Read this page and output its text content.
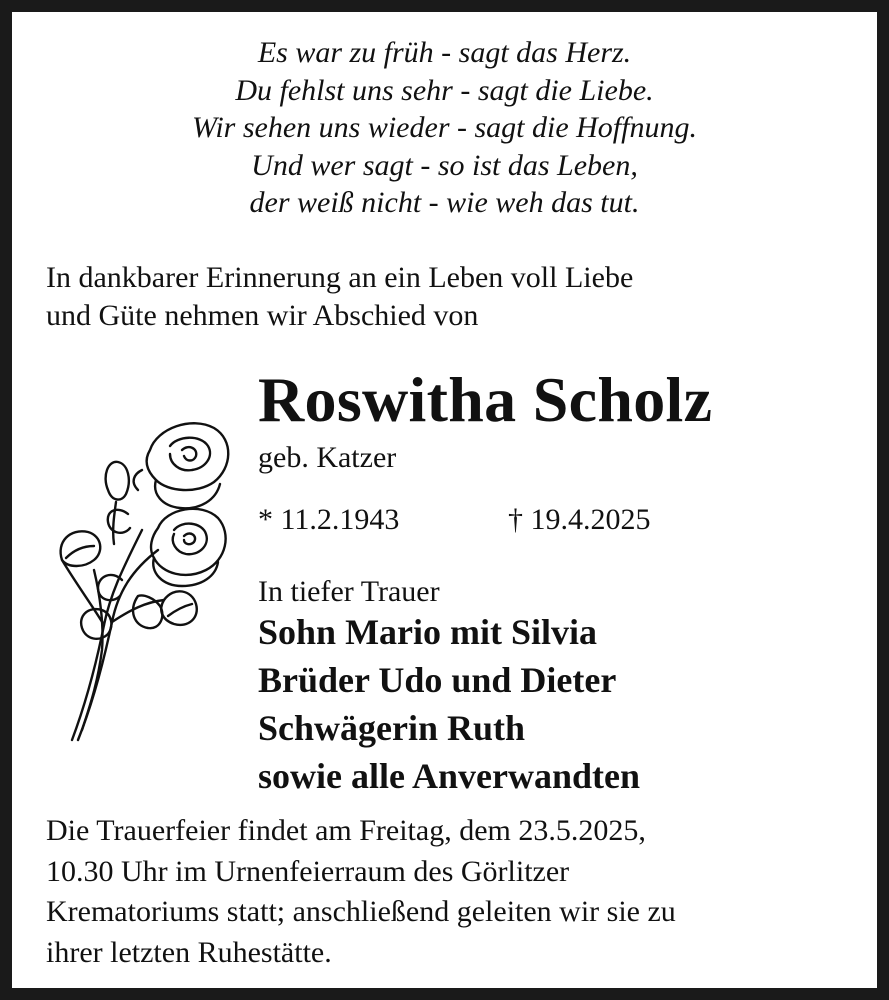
Es war zu früh - sagt das Herz.
Du fehlst uns sehr - sagt die Liebe.
Wir sehen uns wieder - sagt die Hoffnung.
Und wer sagt - so ist das Leben,
der weiß nicht - wie weh das tut.
In dankbarer Erinnerung an ein Leben voll Liebe
und Güte nehmen wir Abschied von
Roswitha Scholz
geb. Katzer
* 11.2.1943	† 19.4.2025
In tiefer Trauer
Sohn Mario mit Silvia
Brüder Udo und Dieter
Schwägerin Ruth
sowie alle Anverwandten
Die Trauerfeier findet am Freitag, dem 23.5.2025,
10.30 Uhr im Urnenfeierraum des Görlitzer
Krematoriums statt; anschließend geleiten wir sie zu
ihrer letzten Ruhestätte.
